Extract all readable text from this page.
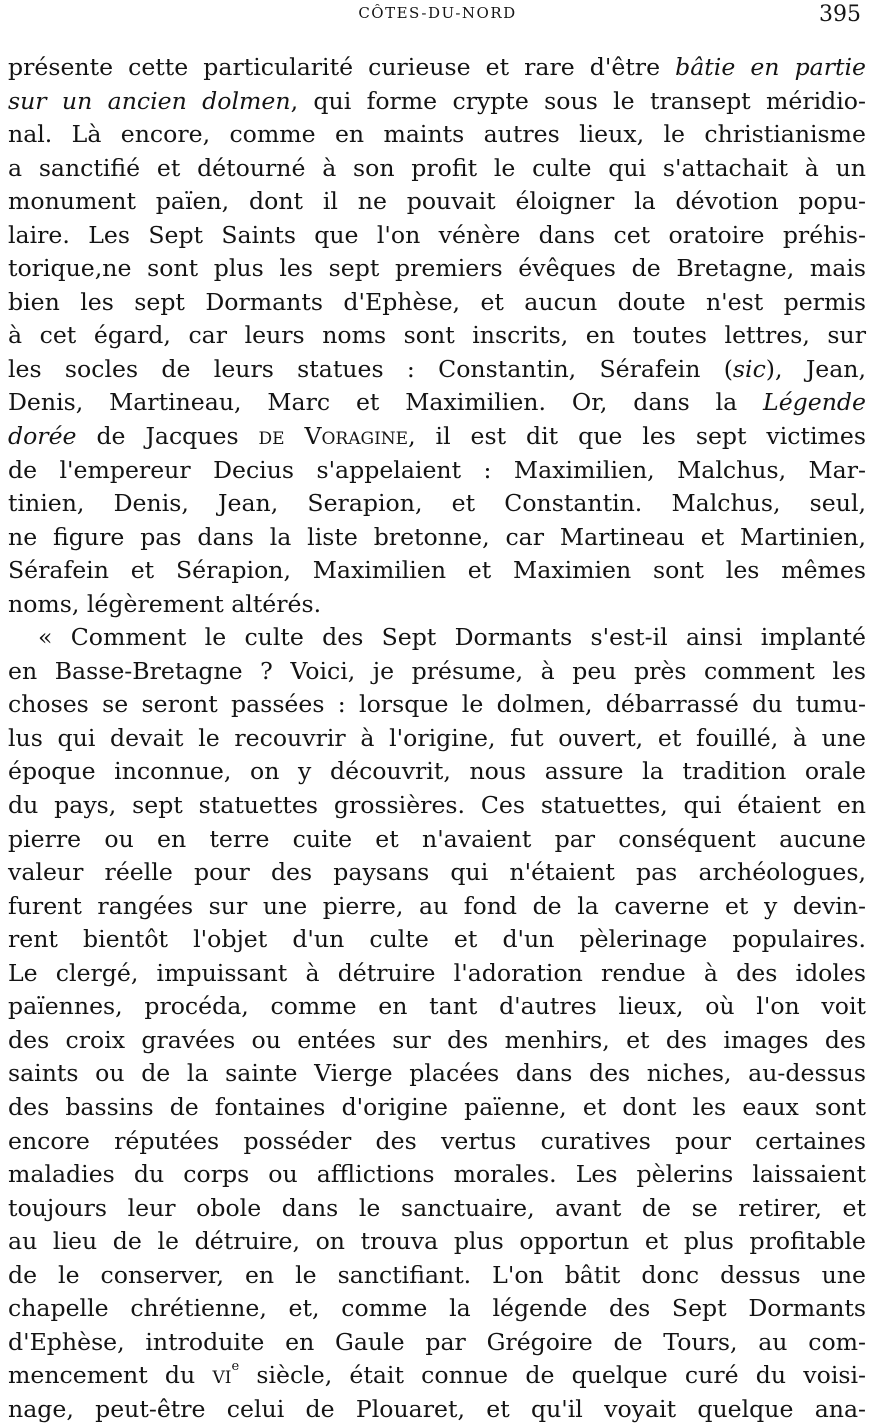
CÔTES-DU-NORD	395
présente cette particularité curieuse et rare d'être bâtie en partie
sur un ancien dolmen, qui forme crypte sous le transept méridio-
nal. Là encore, comme en maints autres lieux, le christianisme
a sanctifié et détourné à son profit le culte qui s'attachait à un
monument païen, dont il ne pouvait éloigner la dévotion popu-
laire. Les Sept Saints que l'on vénère dans cet oratoire préhis-
torique,ne sont plus les sept premiers évêques de Bretagne, mais
bien les sept Dormants d'Ephèse, et aucun doute n'est permis
à cet égard, car leurs noms sont inscrits, en toutes lettres, sur
les socles de leurs statues : Constantin, Sérafein (sic), Jean,
Denis, Martineau, Marc et Maximilien. Or, dans la Légende
dorée de Jacques de Voragine, il est dit que les sept victimes
de l'empereur Decius s'appelaient : Maximilien, Malchus, Mar-
tinien, Denis, Jean, Serapion, et Constantin. Malchus, seul,
ne figure pas dans la liste bretonne, car Martineau et Martinien,
Sérafein et Sérapion, Maximilien et Maximien sont les mêmes
noms, légèrement altérés.
« Comment le culte des Sept Dormants s'est-il ainsi implanté
en Basse-Bretagne ? Voici, je présume, à peu près comment les
choses se seront passées : lorsque le dolmen, débarrassé du tumu-
lus qui devait le recouvrir à l'origine, fut ouvert, et fouillé, à une
époque inconnue, on y découvrit, nous assure la tradition orale
du pays, sept statuettes grossières. Ces statuettes, qui étaient en
pierre ou en terre cuite et n'avaient par conséquent aucune
valeur réelle pour des paysans qui n'étaient pas archéologues,
furent rangées sur une pierre, au fond de la caverne et y devin-
rent bientôt l'objet d'un culte et d'un pèlerinage populaires.
Le clergé, impuissant à détruire l'adoration rendue à des idoles
païennes, procéda, comme en tant d'autres lieux, où l'on voit
des croix gravées ou entées sur des menhirs, et des images des
saints ou de la sainte Vierge placées dans des niches, au-dessus
des bassins de fontaines d'origine païenne, et dont les eaux sont
encore réputées posséder des vertus curatives pour certaines
maladies du corps ou afflictions morales. Les pèlerins laissaient
toujours leur obole dans le sanctuaire, avant de se retirer, et
au lieu de le détruire, on trouva plus opportun et plus profitable
de le conserver, en le sanctifiant. L'on bâtit donc dessus une
chapelle chrétienne, et, comme la légende des Sept Dormants
d'Ephèse, introduite en Gaule par Grégoire de Tours, au com-
mencement du $vi^e$ siècle, était connue de quelque curé du voisi-
nage, peut-être celui de Plouaret, et qu'il voyait quelque ana-
